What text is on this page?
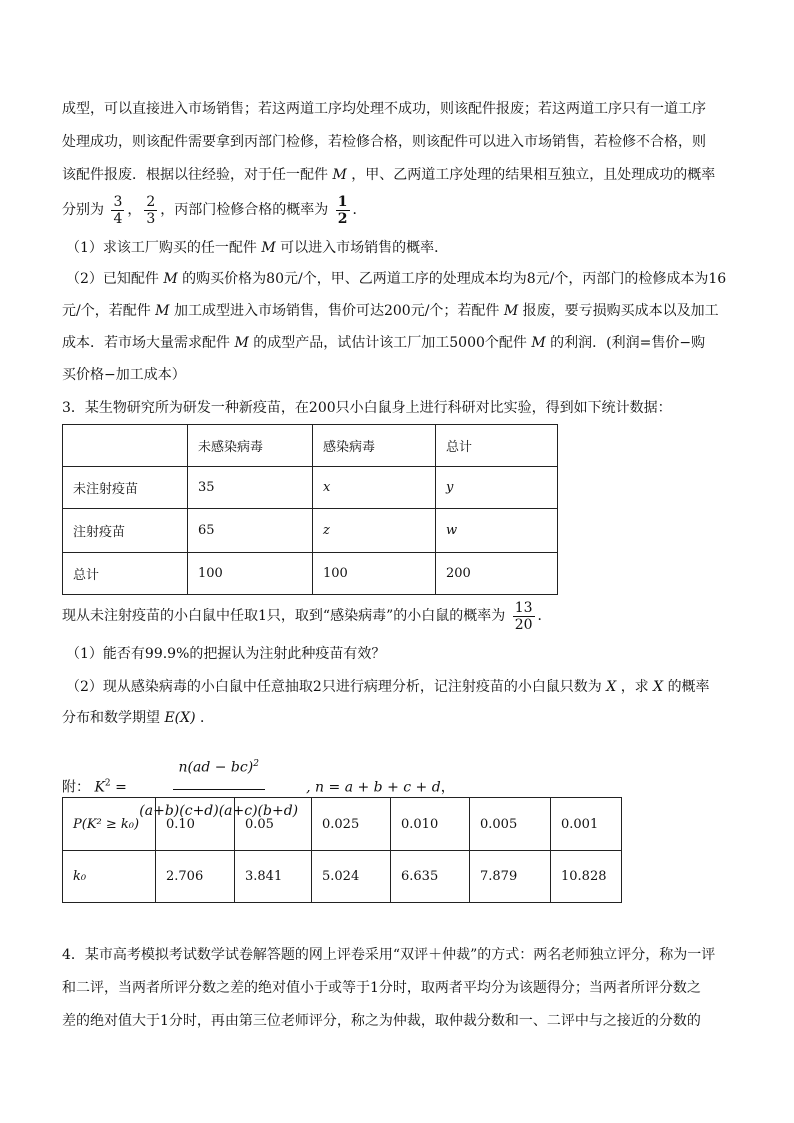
成型，可以直接进入市场销售；若这两道工序均处理不成功，则该配件报废；若这两道工序只有一道工序
处理成功，则该配件需要拿到丙部门检修，若检修合格，则该配件可以进入市场销售，若检修不合格，则
该配件报废．根据以往经验，对于任一配件 M ，甲、乙两道工序处理的结果相互独立，且处理成功的概率
分别为 $\frac{3}{4}$ ， $\frac{2}{3}$ ，丙部门检修合格的概率为 $\frac{1}{2}$ ．
（1）求该工厂购买的任一配件 M 可以进入市场销售的概率．
（2）已知配件 M 的购买价格为80元/个，甲、乙两道工序的处理成本均为8元/个，丙部门的检修成本为16
元/个，若配件 M 加工成型进入市场销售，售价可达200元/个；若配件 M 报废，要亏损购买成本以及加工
成本．若市场大量需求配件 M 的成型产品，试估计该工厂加工5000个配件 M 的利润．(利润=售价−购
买价格−加工成本）
3．某生物研究所为研发一种新疫苗，在200只小白鼠身上进行科研对比实验，得到如下统计数据：
	未感染病毒	感染病毒	总计
未注射疫苗	35	x	y
注射疫苗	65	z	w
总计	100	100	200
现从未注射疫苗的小白鼠中任取1只，取到“感染病毒”的小白鼠的概率为 $\frac{13}{20}$ ．
（1）能否有99.9%的把握认为注射此种疫苗有效？
（2）现从感染病毒的小白鼠中任意抽取2只进行病理分析，记注射疫苗的小白鼠只数为 X ，求 X 的概率
分布和数学期望 E(X) ．
附： $K^2 = \frac{n(ad - bc)^2}{(a+b)(c+d)(a+c)(b+d)}$ , n = a + b + c + d，
P(K² ≥ k₀)	0.10	0.05	0.025	0.010	0.005	0.001
k₀	2.706	3.841	5.024	6.635	7.879	10.828
4．某市高考模拟考试数学试卷解答题的网上评卷采用“双评＋仲裁”的方式：两名老师独立评分，称为一评
和二评，当两者所评分数之差的绝对值小于或等于1分时，取两者平均分为该题得分；当两者所评分数之
差的绝对值大于1分时，再由第三位老师评分，称之为仲裁，取仲裁分数和一、二评中与之接近的分数的
